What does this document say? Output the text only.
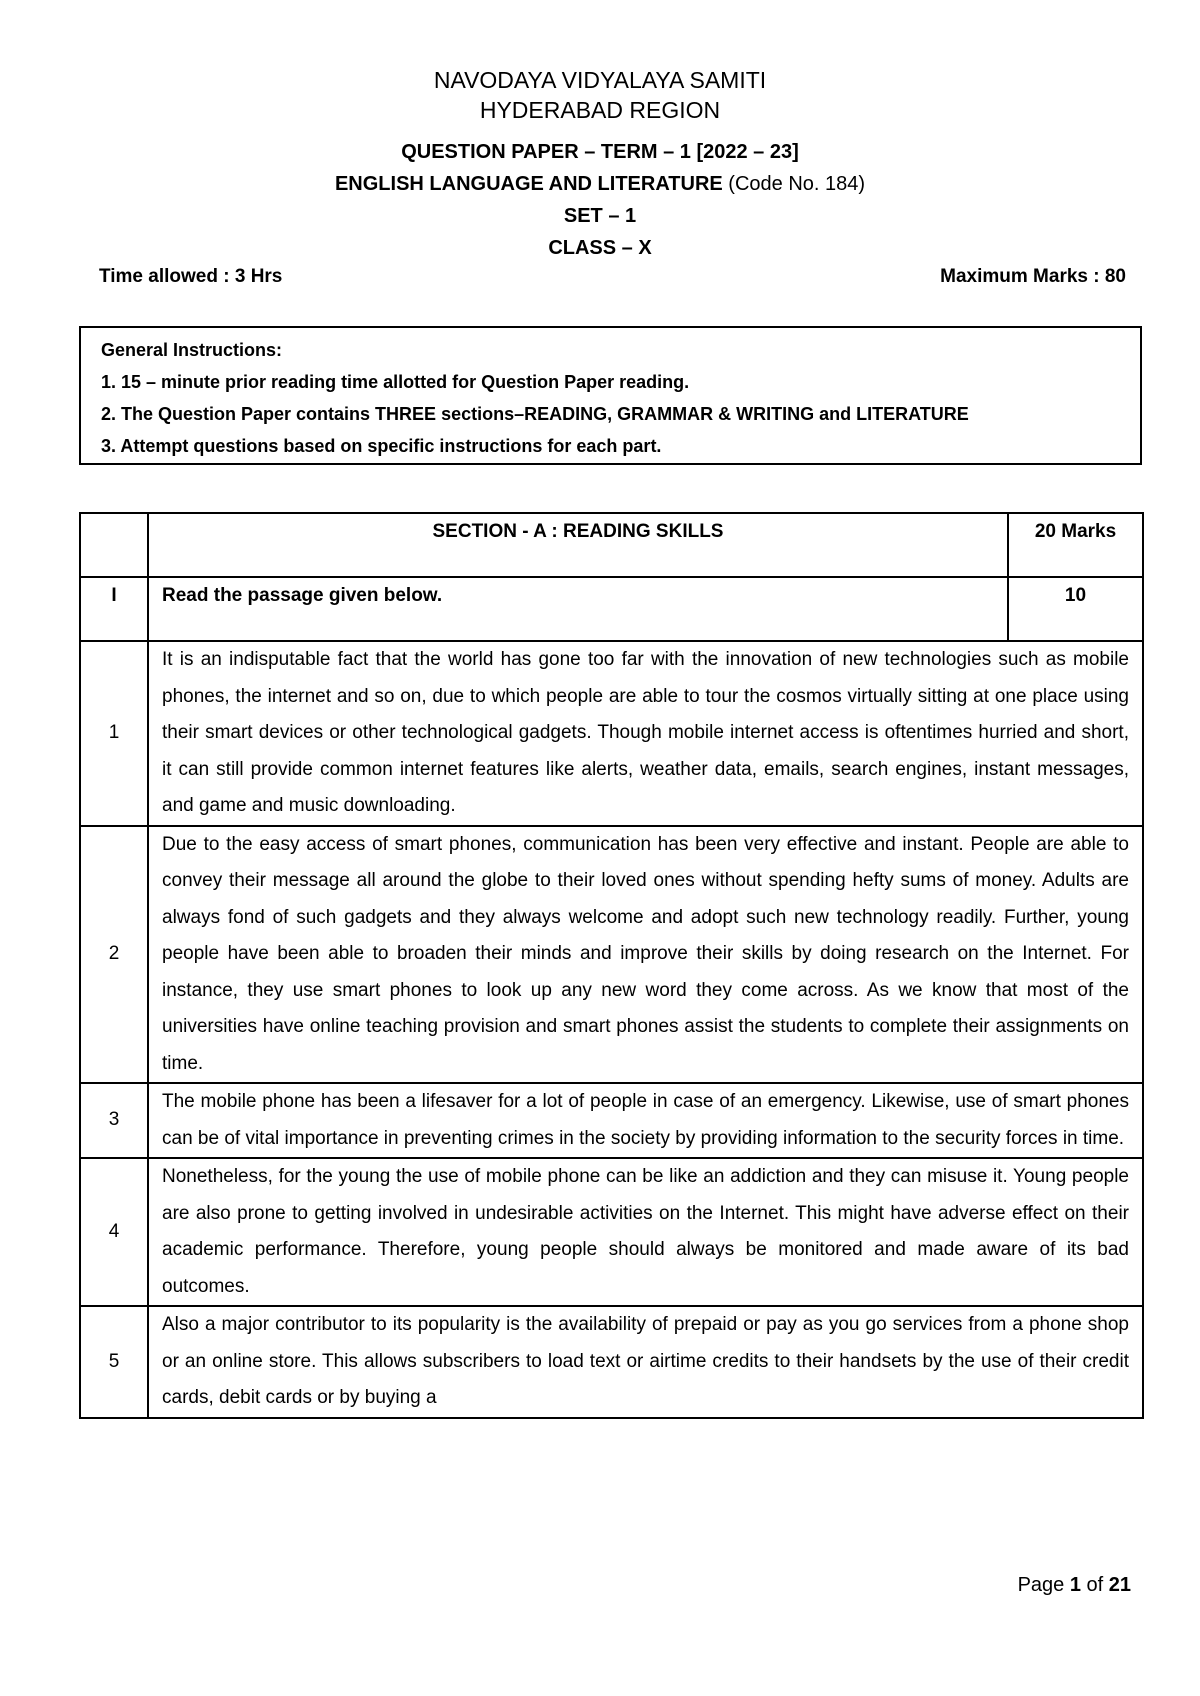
NAVODAYA VIDYALAYA SAMITI
HYDERABAD REGION
QUESTION PAPER – TERM – 1 [2022 – 23]
ENGLISH LANGUAGE AND LITERATURE (Code No. 184)
SET – 1
CLASS – X
Time allowed : 3 Hrs	Maximum Marks : 80
General Instructions:
1. 15 – minute prior reading time allotted for Question Paper reading.
2. The Question Paper contains THREE sections–READING, GRAMMAR & WRITING and LITERATURE
3. Attempt questions based on specific instructions for each part.
	SECTION - A : READING SKILLS	20 Marks
I	Read the passage given below.	10
1	It is an indisputable fact that the world has gone too far with the innovation of new technologies such as mobile phones, the internet and so on, due to which people are able to tour the cosmos virtually sitting at one place using their smart devices or other technological gadgets. Though mobile internet access is oftentimes hurried and short, it can still provide common internet features like alerts, weather data, emails, search engines, instant messages, and game and music downloading.	
2	Due to the easy access of smart phones, communication has been very effective and instant. People are able to convey their message all around the globe to their loved ones without spending hefty sums of money. Adults are always fond of such gadgets and they always welcome and adopt such new technology readily. Further, young people have been able to broaden their minds and improve their skills by doing research on the Internet. For instance, they use smart phones to look up any new word they come across. As we know that most of the universities have online teaching provision and smart phones assist the students to complete their assignments on time.	
3	The mobile phone has been a lifesaver for a lot of people in case of an emergency. Likewise, use of smart phones can be of vital importance in preventing crimes in the society by providing information to the security forces in time.	
4	Nonetheless, for the young the use of mobile phone can be like an addiction and they can misuse it. Young people are also prone to getting involved in undesirable activities on the Internet. This might have adverse effect on their academic performance. Therefore, young people should always be monitored and made aware of its bad outcomes.	
5	Also a major contributor to its popularity is the availability of prepaid or pay as you go services from a phone shop or an online store. This allows subscribers to load text or airtime credits to their handsets by the use of their credit cards, debit cards or by buying a	
Page 1 of 21
